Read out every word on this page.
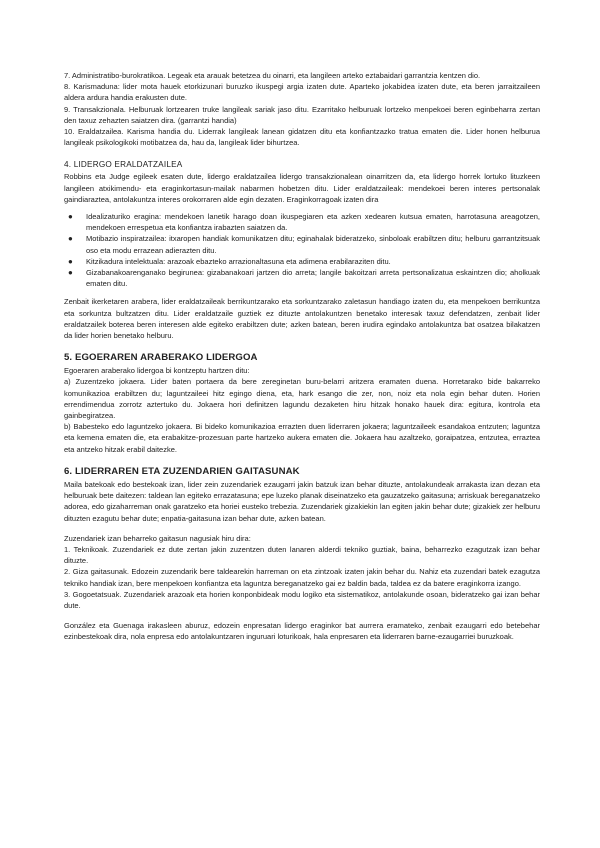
7. Administratibo-burokratikoa. Legeak eta arauak betetzea du oinarri, eta langileen arteko eztabaidari garrantzia kentzen dio.

8. Karismaduna: lider mota hauek etorkizunari buruzko ikuspegi argia izaten dute. Aparteko jokabidea izaten dute, eta beren jarraitzaileen aldera ardura handia erakusten dute.

9. Transakzionala. Helburuak lortzearen truke langileak sariak jaso ditu. Ezarritako helburuak lortzeko menpekoei beren eginbeharra zertan den taxuz zehazten saiatzen dira. (garrantzi handia)

10. Eraldatzailea. Karisma handia du. Liderrak langileak lanean gidatzen ditu eta konfiantzazko tratua ematen die. Lider honen helburua langileak psikologikoki motibatzea da, hau da, langileak lider bihurtzea.

4. LIDERGO ERALDATZAILEA

Robbins eta Judge egileek esaten dute, lidergo eraldatzailea lidergo transakzionalean oinarritzen da, eta lidergo horrek lortuko lituzkeen langileen atxikimendu- eta eraginkortasun-mailak nabarmen hobetzen ditu. Lider eraldatzaileak: mendekoei beren interes pertsonalak gaindiaraztea, antolakuntza interes orokorraren alde egin dezaten. Eraginkorragoak izaten dira

● Idealizaturiko eragina: mendekoen lanetik harago doan ikuspegiaren eta azken xedearen kutsua ematen, harrotasuna areagotzen, mendekoen errespetua eta konfiantza irabazten saiatzen da.
● Motibazio inspiratzailea: itxaropen handiak komunikatzen ditu; eginahalak bideratzeko, sinboloak erabiltzen ditu; helburu garrantzitsuak oso eta modu errazean adierazten ditu.
● Kitzikadura intelektuala: arazoak ebazteko arrazionaltasuna eta adimena erabilaraziten ditu.
● Gizabanakoarenganako begirunea: gizabanakoari jartzen dio arreta; langile bakoitzari arreta pertsonalizatua eskaintzen dio; aholkuak ematen ditu.

Zenbait ikerketaren arabera, lider eraldatzaileak berrikuntzarako eta sorkuntzarako zaletasun handiago izaten du, eta menpekoen berrikuntza eta sorkuntza bultzatzen ditu. Lider eraldatzaile guztiek ez dituzte antolakuntzen benetako interesak taxuz defendatzen, zenbait lider eraldatzailek boterea beren interesen alde egiteko erabiltzen dute; azken batean, beren irudira egindako antolakuntza bat osatzea bilakatzen da lider horien benetako helburu.

5. EGOERAREN ARABERAKO LIDERGOA

Egoeraren araberako lidergoa bi kontzeptu hartzen ditu:

a) Zuzentzeko jokaera. Lider baten portaera da bere zereginetan buru-belarri aritzera eramaten duena. Horretarako bide bakarreko komunikazioa erabiltzen du; laguntzaileei hitz egingo diena, eta, hark esango die zer, non, noiz eta nola egin behar duten. Horien errendimendua zorrotz aztertuko du. Jokaera hori definitzen lagundu dezaketen hiru hitzak honako hauek dira: egitura, kontrola eta gainbegiratzea.

b) Babesteko edo laguntzeko jokaera. Bi bideko komunikazioa errazten duen liderraren jokaera; laguntzaileek esandakoa entzuten; laguntza eta kemena ematen die, eta erabakitze-prozesuan parte hartzeko aukera ematen die. Jokaera hau azaltzeko, goraipatzea, entzutea, erraztea eta antzeko hitzak erabil daitezke.

6. LIDERRAREN ETA ZUZENDARIEN GAITASUNAK

Maila batekoak edo bestekoak izan, lider zein zuzendariek ezaugarri jakin batzuk izan behar dituzte, antolakundeak arrakasta izan dezan eta helburuak bete daitezen: taldean lan egiteko errazatasuna; epe luzeko planak diseinatzeko eta gauzatzeko gaitasuna; arriskuak bereganatzeko adorea, edo gizaharreman onak garatzeko eta horiei eusteko trebezia. Zuzendariek gizakiekin lan egiten jakin behar dute; gizakiek zer helburu dituzten ezagutu behar dute; enpatia-gaitasuna izan behar dute, azken batean.

Zuzendariek izan beharreko gaitasun nagusiak hiru dira:

1. Teknikoak. Zuzendariek ez dute zertan jakin zuzentzen duten lanaren alderdi tekniko guztiak, baina, beharrezko ezagutzak izan behar dituzte.

2. Giza gaitasunak. Edozein zuzendarik bere taldearekin harreman on eta zintzoak izaten jakin behar du. Nahiz eta zuzendari batek ezagutza tekniko handiak izan, bere menpekoen konfiantza eta laguntza bereganatzeko gai ez baldin bada, taldea ez da batere eraginkorra izango.

3. Gogoetatsuak. Zuzendariek arazoak eta horien konponbideak modu logiko eta sistematikoz, antolakunde osoan, bideratzeko gai izan behar dute.

González eta Guenaga irakasleen aburuz, edozein enpresatan lidergo eraginkor bat aurrera eramateko, zenbait ezaugarri edo betebehar ezinbestekoak dira, nola enpresa edo antolakuntzaren inguruari loturikoak, hala enpresaren eta liderraren barne-ezaugarriei buruzkoak.
